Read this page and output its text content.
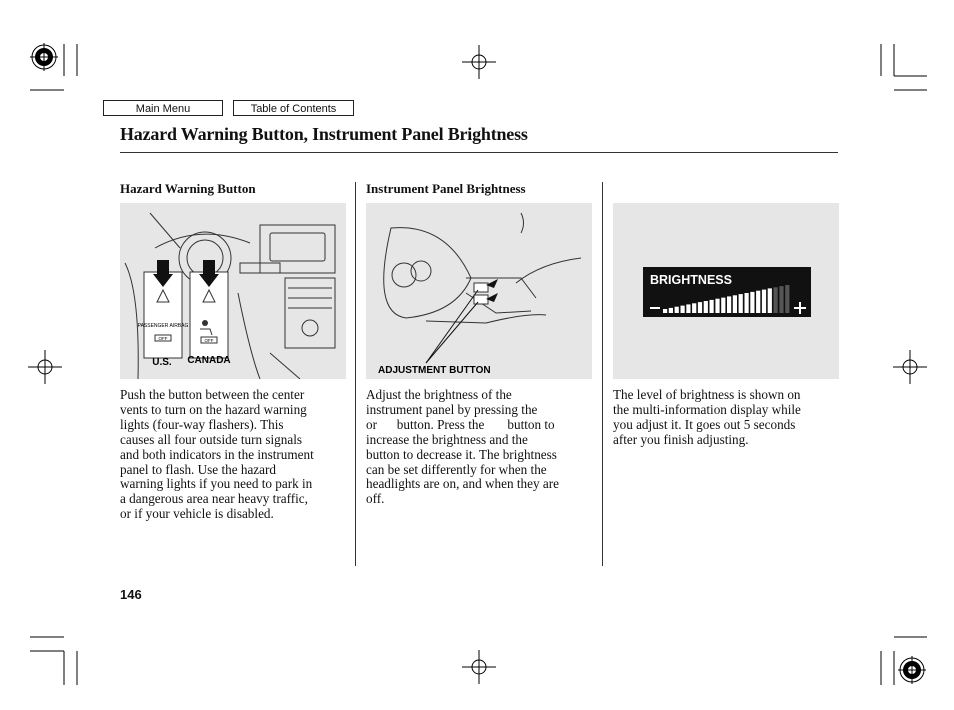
Main Menu	Table of Contents
Hazard Warning Button, Instrument Panel Brightness
Hazard Warning Button	Instrument Panel Brightness
PASSENGER AIRBAG
OFF	OFF
U.S. CANADA
ADJUSTMENT BUTTON
BRIGHTNESS
Push the button between the center
vents to turn on the hazard warning
lights (four-way flashers). This
causes all four outside turn signals
and both indicators in the instrument
panel to flash. Use the hazard
warning lights if you need to park in
a dangerous area near heavy traffic,
or if your vehicle is disabled.
Adjust the brightness of the
instrument panel by pressing the
or      button. Press the       button to
increase the brightness and the
button to decrease it. The brightness
can be set differently for when the
headlights are on, and when they are
off.
The level of brightness is shown on
the multi-information display while
you adjust it. It goes out 5 seconds
after you finish adjusting.
146
